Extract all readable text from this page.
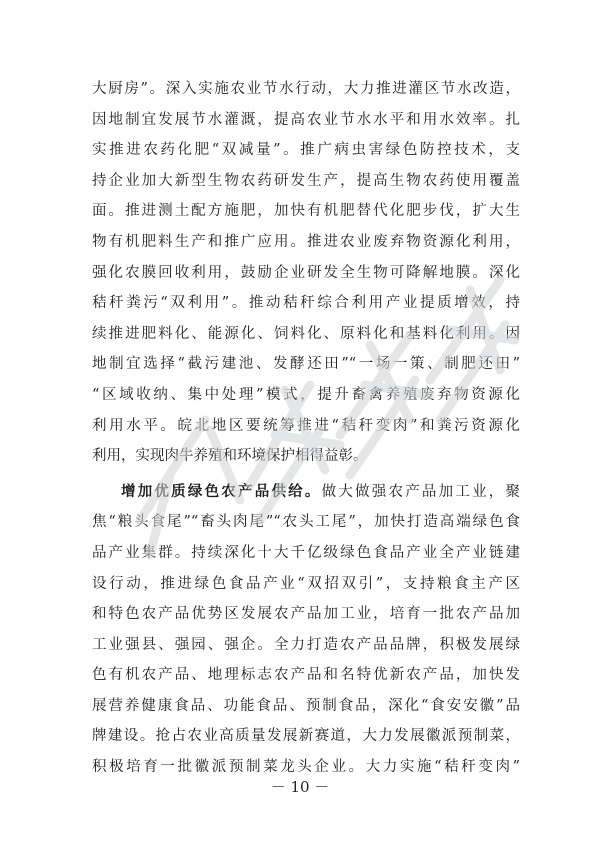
大厨房”。深入实施农业节水行动，大力推进灌区节水改造，
因地制宜发展节水灌溉，提高农业节水水平和用水效率。扎
实推进农药化肥“双减量”。推广病虫害绿色防控技术，支
持企业加大新型生物农药研发生产，提高生物农药使用覆盖
面。推进测土配方施肥，加快有机肥替代化肥步伐，扩大生
物有机肥料生产和推广应用。推进农业废弃物资源化利用，
强化农膜回收利用，鼓励企业研发全生物可降解地膜。深化
秸秆粪污“双利用”。推动秸秆综合利用产业提质增效，持
续推进肥料化、能源化、饲料化、原料化和基料化利用。因
地制宜选择“截污建池、发酵还田”“一场一策、制肥还田”
“区域收纳、集中处理”模式，提升畜禽养殖废弃物资源化
利用水平。皖北地区要统筹推进“秸秆变肉”和粪污资源化
利用，实现肉牛养殖和环境保护相得益彰。
增加优质绿色农产品供给。做大做强农产品加工业，聚
焦“粮头食尾”“畜头肉尾”“农头工尾”，加快打造高端绿色食
品产业集群。持续深化十大千亿级绿色食品产业全产业链建
设行动，推进绿色食品产业“双招双引”，支持粮食主产区
和特色农产品优势区发展农产品加工业，培育一批农产品加
工业强县、强园、强企。全力打造农产品品牌，积极发展绿
色有机农产品、地理标志农产品和名特优新农产品，加快发
展营养健康食品、功能食品、预制食品，深化“食安安徽”品
牌建设。抢占农业高质量发展新赛道，大力发展徽派预制菜，
积极培育一批徽派预制菜龙头企业。大力实施“秸秆变肉”
－ 10 －
